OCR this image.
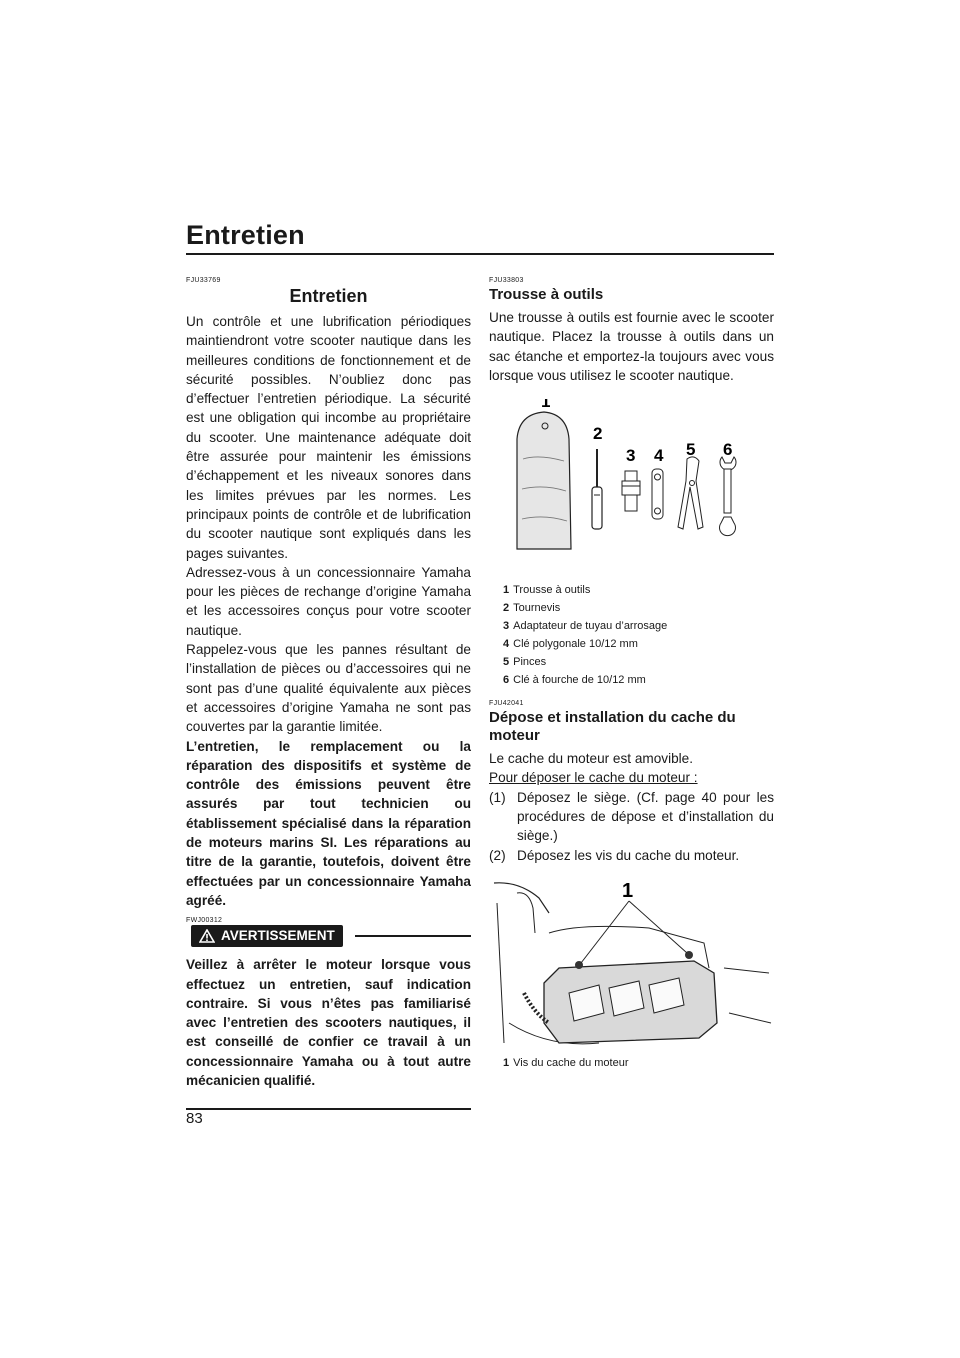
Entretien
FJU33769
Entretien

Un contrôle et une lubrification périodiques maintiendront votre scooter nautique dans les meilleures conditions de fonctionnement et de sécurité possibles. N’oubliez donc pas d’effectuer l’entretien périodique. La sécurité est une obligation qui incombe au propriétaire du scooter. Une maintenance adéquate doit être assurée pour maintenir les émissions d’échappement et les niveaux sonores dans les limites prévues par les normes. Les principaux points de contrôle et de lubrification du scooter nautique sont expliqués dans les pages suivantes.

Adressez-vous à un concessionnaire Yamaha pour les pièces de rechange d’origine Yamaha et les accessoires conçus pour votre scooter nautique.

Rappelez-vous que les pannes résultant de l’installation de pièces ou d’accessoires qui ne sont pas d’une qualité équivalente aux pièces et accessoires d’origine Yamaha ne sont pas couvertes par la garantie limitée.

L’entretien, le remplacement ou la réparation des dispositifs et système de contrôle des émissions peuvent être assurés par tout technicien ou établissement spécialisé dans la réparation de moteurs marins SI. Les réparations au titre de la garantie, toutefois, doivent être effectuées par un concessionnaire Yamaha agréé.

FWJ00312
AVERTISSEMENT

Veillez à arrêter le moteur lorsque vous effectuez un entretien, sauf indication contraire. Si vous n’êtes pas familiarisé avec l’entretien des scooters nautiques, il est conseillé de confier ce travail à un concessionnaire Yamaha ou à tout autre mécanicien qualifié.

FJU33803
Trousse à outils

Une trousse à outils est fournie avec le scooter nautique. Placez la trousse à outils dans un sac étanche et emportez-la toujours avec vous lorsque vous utilisez le scooter nautique.

1
2
3 4 5 6
1 Trousse à outils
2 Tournevis
3 Adaptateur de tuyau d’arrosage
4 Clé polygonale 10/12 mm
5 Pinces
6 Clé à fourche de 10/12 mm
FJU42041
Dépose et installation du cache du moteur

Le cache du moteur est amovible.

Pour déposer le cache du moteur :

(1) Déposez le siège. (Cf. page 40 pour les procédures de dépose et d’installation du siège.)
(2) Déposez les vis du cache du moteur.
1
1 Vis du cache du moteur
83
